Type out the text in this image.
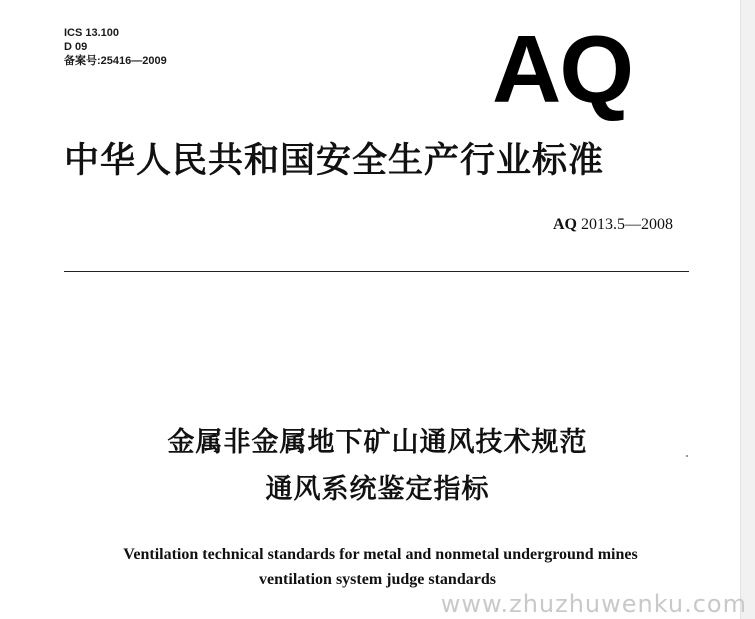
ICS 13.100
D 09
备案号:25416—2009	AQ
中华人民共和国安全生产行业标准
AQ 2013.5—2008
金属非金属地下矿山通风技术规范
通风系统鉴定指标
Ventilation technical standards for metal and nonmetal underground mines
ventilation system judge standards
www.zhuzhuwenku.com
